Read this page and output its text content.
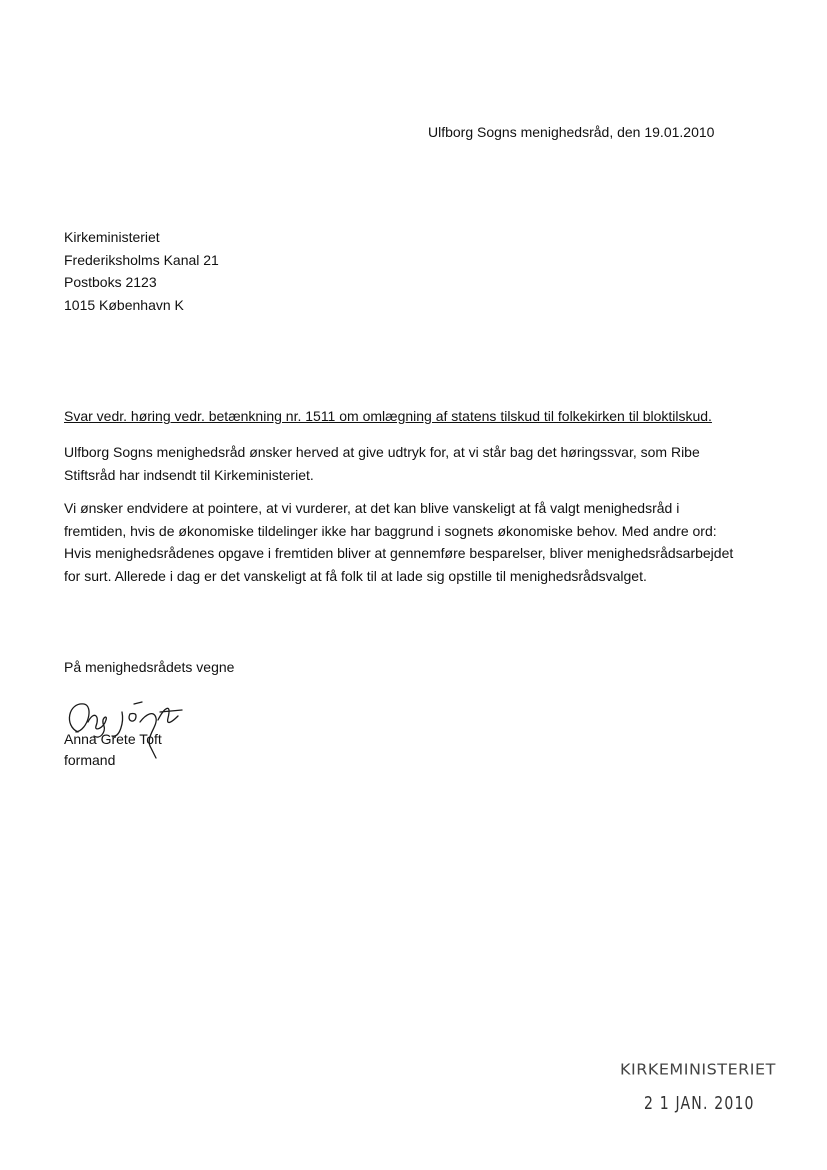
Ulfborg Sogns menighedsråd, den 19.01.2010
Kirkeministeriet
Frederiksholms Kanal 21
Postboks 2123
1015 København K
Svar vedr. høring vedr. betænkning nr. 1511 om omlægning af statens tilskud til folkekirken til bloktilskud.

Ulfborg Sogns menighedsråd ønsker herved at give udtryk for, at vi står bag det høringssvar, som Ribe Stiftsråd har indsendt til Kirkeministeriet.

Vi ønsker endvidere at pointere, at vi vurderer, at det kan blive vanskeligt at få valgt menighedsråd i fremtiden, hvis de økonomiske tildelinger ikke har baggrund i sognets økonomiske behov. Med andre ord: Hvis menighedsrådenes opgave i fremtiden bliver at gennemføre besparelser, bliver menighedsrådsarbejdet for surt. Allerede i dag er det vanskeligt at få folk til at lade sig opstille til menighedsrådsvalget.

På menighedsrådets vegne
Anna Grete Toft
formand
KIRKEMINISTERIET
2 1 JAN. 2010
